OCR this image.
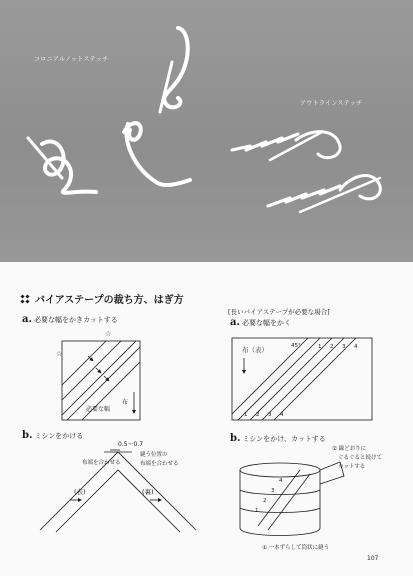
コロニアルノットステッチ
アウトラインステッチ
バイアステープの裁ち方、はぎ方
[長いバイアステープが必要な場合]
a. 必要な幅をかきカットする	a. 必要な幅をかく
b. ミシンをかける	b. ミシンをかけ、カットする
☆
☆
必要な幅
布
0.5〜0.7
布端を合わせる
縫う位置の
布端を合わせる
(表)	(裏)
布（表）	45°	1 2 3 4
1 2 3 4
1
2
3
4
② 線どおりに
ぐるぐると続けて
カットする
① 一本ずらして筒状に縫う
107
